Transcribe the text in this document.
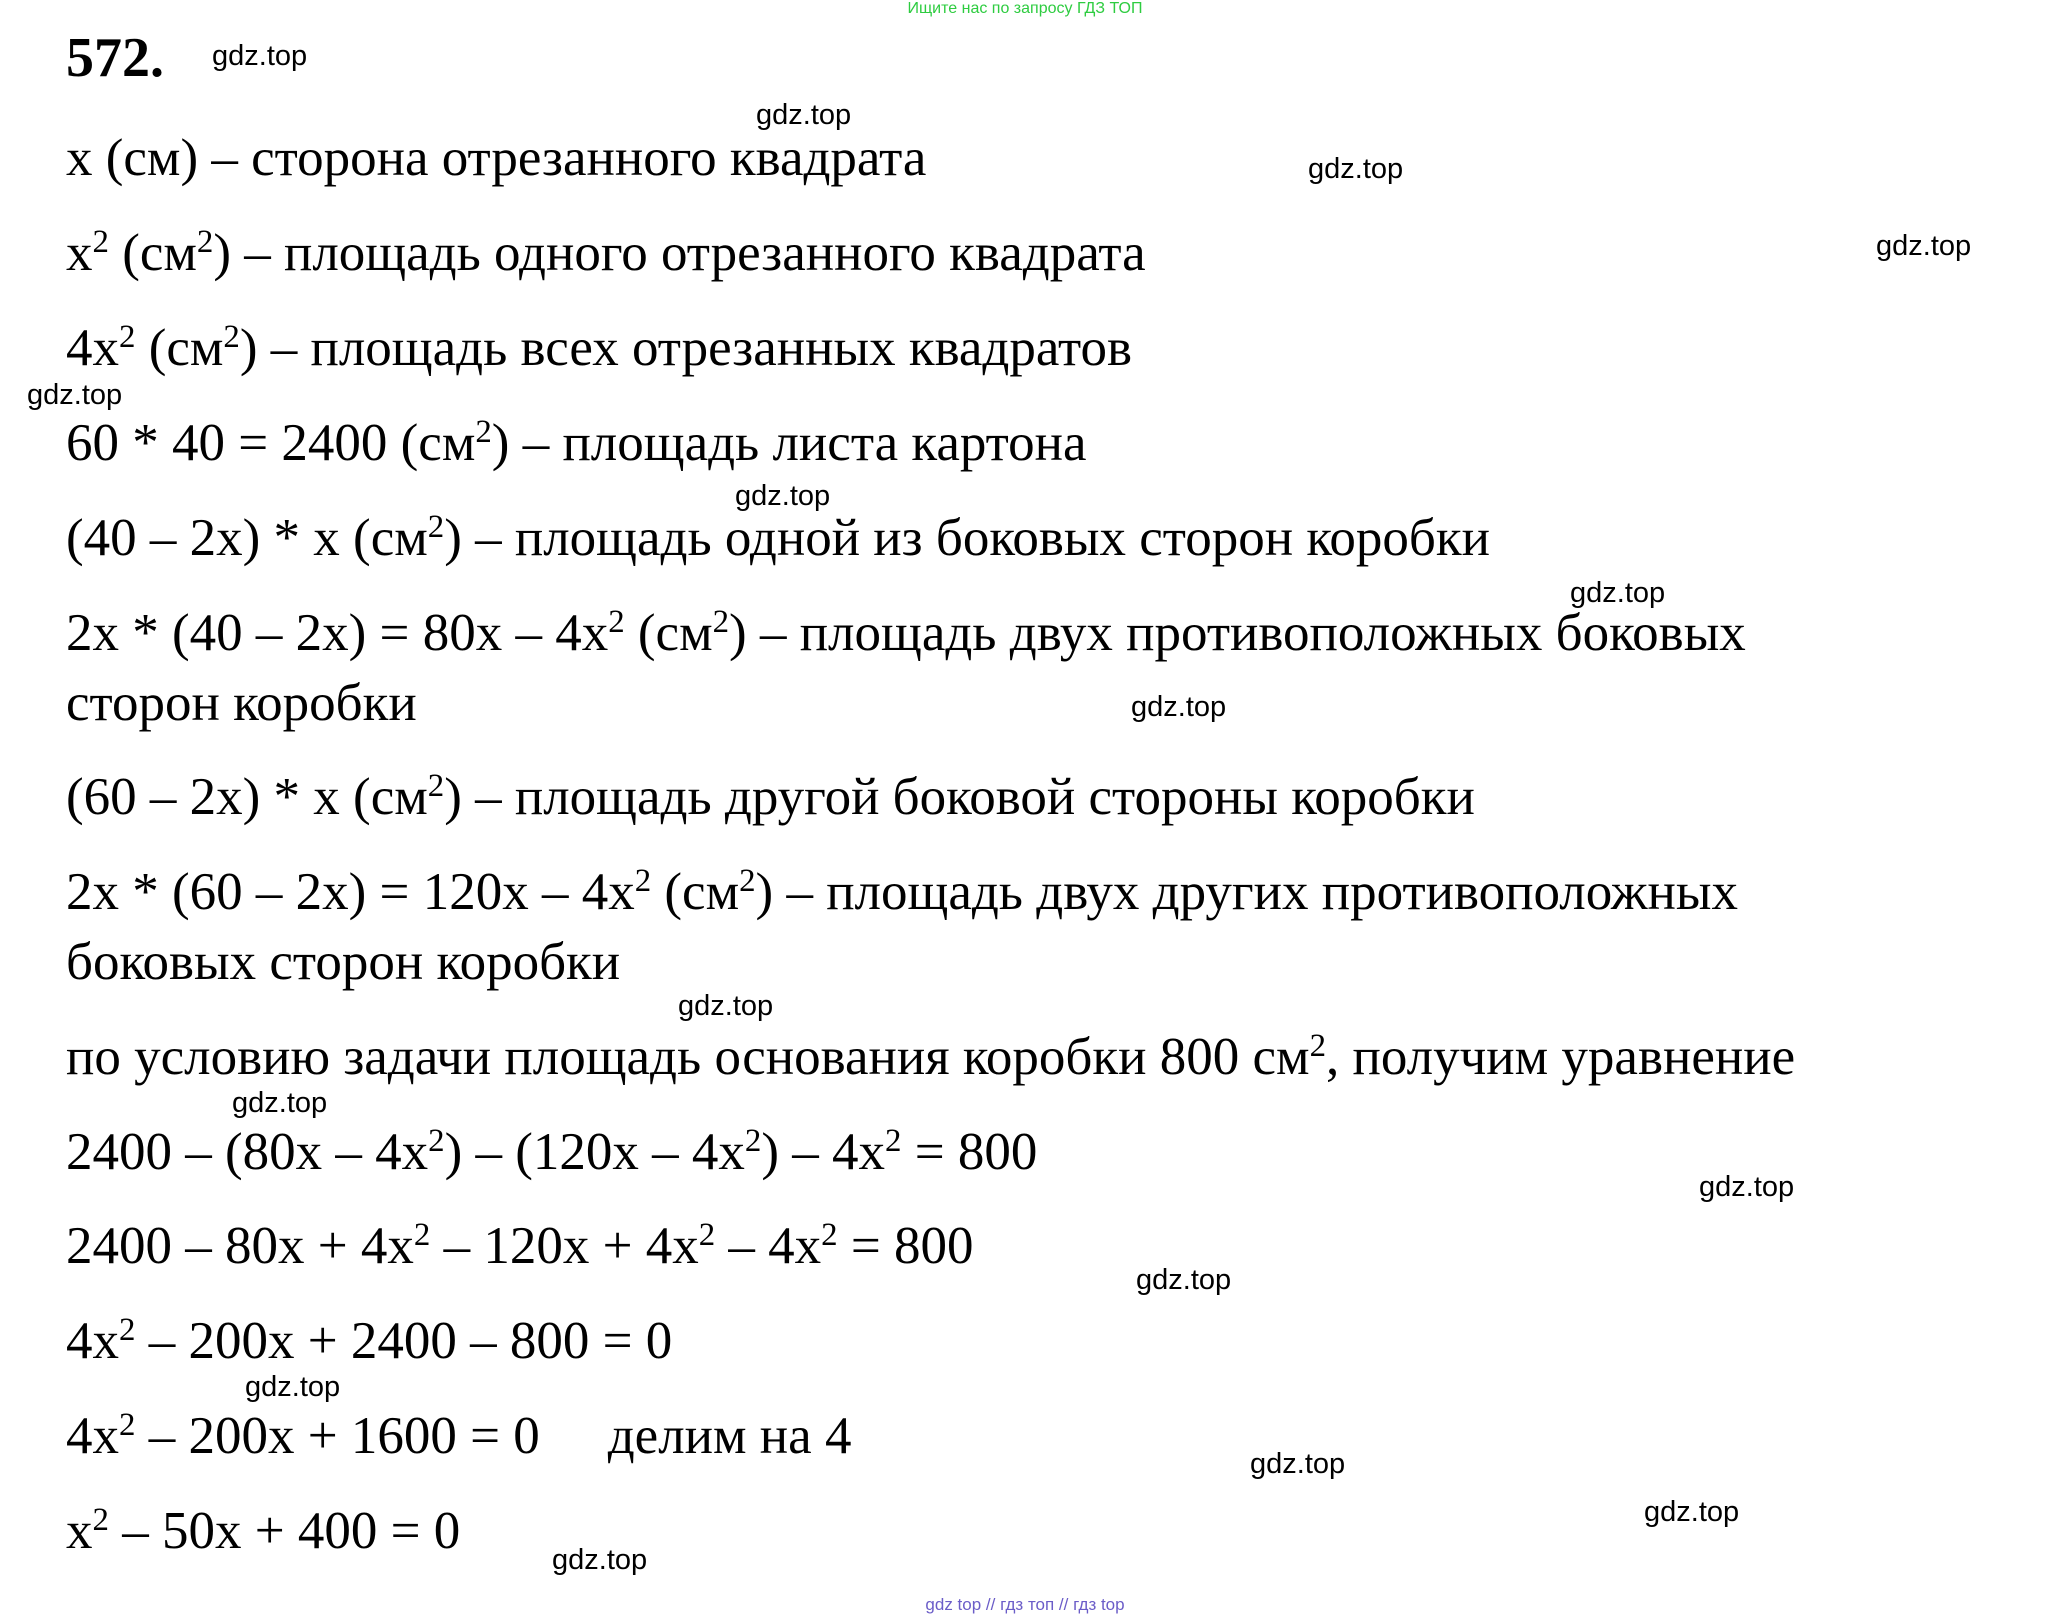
Ищите нас по запросу ГДЗ ТОП
572.
x (см) – сторона отрезанного квадрата
$x^2$ $(см^2)$ – площадь одного отрезанного квадрата
$4x^2$ $(см^2)$ – площадь всех отрезанных квадратов
60 * 40 = 2400 $(см^2)$ – площадь листа картона
(40 – 2x) * x $(см^2)$ – площадь одной из боковых сторон коробки
$2x * (40 - 2x) = 80x - 4x^2$ $(см^2)$ – площадь двух противоположных боковых
сторон коробки
(60 – 2x) * x $(см^2)$ – площадь другой боковой стороны коробки
$2x * (60 - 2x) = 120x - 4x^2$ $(см^2)$ – площадь двух других противоположных
боковых сторон коробки
по условию задачи площадь основания коробки 800 $см^2$, получим уравнение
$2400 - (80x - 4x^2) - (120x - 4x^2) - 4x^2 = 800$
$2400 - 80x + 4x^2 - 120x + 4x^2 - 4x^2 = 800$
$4x^2 - 200x + 2400 - 800 = 0$
$4x^2 - 200x + 1600 = 0$ делим на 4
$x^2 - 50x + 400 = 0$
gdz.top
gdz.top
gdz.top
gdz.top
gdz.top
gdz.top
gdz.top
gdz.top
gdz.top
gdz.top
gdz.top
gdz.top
gdz.top
gdz.top
gdz.top
gdz.top
gdz top // гдз топ // гдз top
